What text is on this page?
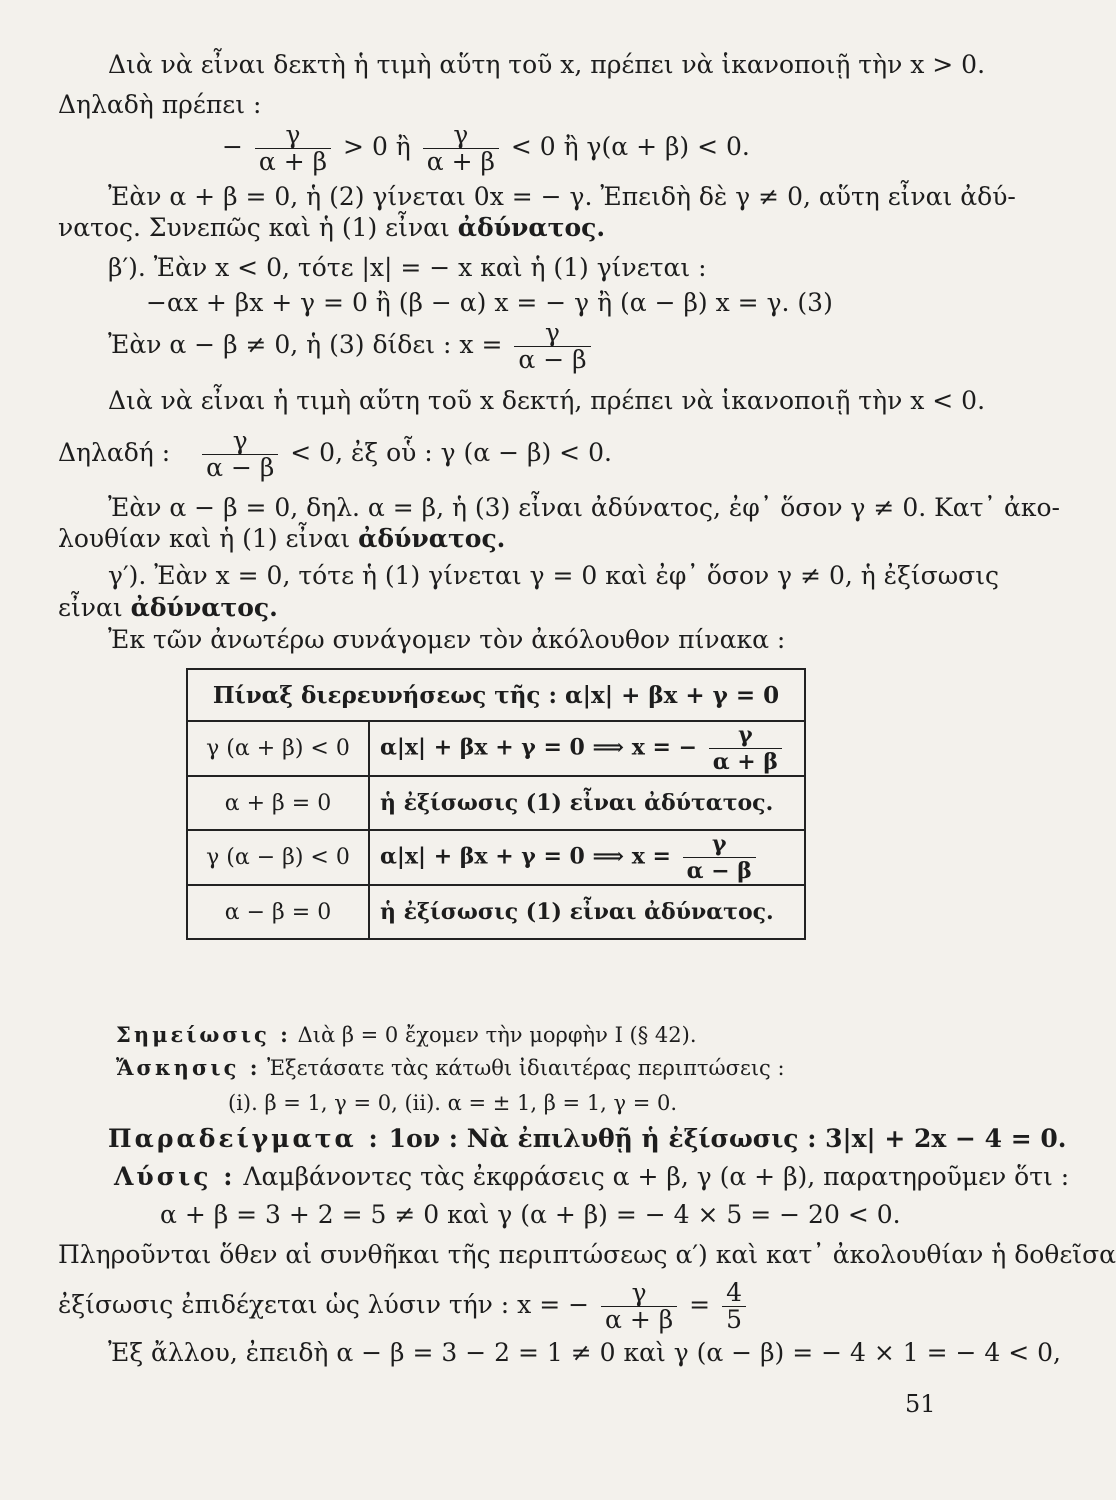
Διὰ νὰ εἶναι δεκτὴ ἡ τιμὴ αὕτη τοῦ x, πρέπει νὰ ἱκανοποιῇ τὴν x > 0.
Δηλαδὴ πρέπει :
− $\frac{\gamma}{\alpha + \beta} > 0$ ἢ $\frac{\gamma}{\alpha + \beta} < 0$ ἢ γ(α + β) < 0.
Ἐὰν α + β = 0, ἡ (2) γίνεται 0x = − γ. Ἐπειδὴ δὲ γ ≠ 0, αὕτη εἶναι ἀδύ-
νατος. Συνεπῶς καὶ ἡ (1) εἶναι ἀδύνατος.
β′). Ἐὰν x < 0, τότε |x| = − x καὶ ἡ (1) γίνεται :
−αx + βx + γ = 0 ἢ (β − α) x = − γ ἢ (α − β) x = γ. (3)
Ἐὰν α − β ≠ 0, ἡ (3) δίδει : $x = \frac{\gamma}{\alpha - \beta}$
Διὰ νὰ εἶναι ἡ τιμὴ αὕτη τοῦ x δεκτή, πρέπει νὰ ἱκανοποιῇ τὴν x < 0.
Δηλαδή : $\frac{\gamma}{\alpha - \beta} < 0$, ἐξ οὗ : γ (α − β) < 0.
Ἐὰν α − β = 0, δηλ. α = β, ἡ (3) εἶναι ἀδύνατος, ἐφ᾽ ὅσον γ ≠ 0. Κατ᾽ ἀκο-
λουθίαν καὶ ἡ (1) εἶναι ἀδύνατος.
γ′). Ἐὰν x = 0, τότε ἡ (1) γίνεται γ = 0 καὶ ἐφ᾽ ὅσον γ ≠ 0, ἡ ἐξίσωσις
εἶναι ἀδύνατος.
Ἐκ τῶν ἀνωτέρω συνάγομεν τὸν ἀκόλουθον πίνακα :
Πίναξ διερευνήσεως τῆς : α|x| + βx + γ = 0	
γ (α + β) < 0	α|x| + βx + γ = 0 ⟹ x = − $\frac{\gamma}{\alpha + \beta}$

α + β = 0	ἡ ἐξίσωσις (1) εἶναι ἀδύτατος.
γ (α − β) < 0	α|x| + βx + γ = 0 ⟹ $x = \frac{\gamma}{\alpha - \beta}$

α − β = 0	ἡ ἐξίσωσις (1) εἶναι ἀδύνατος.
Σημείωσις : Διὰ β = 0 ἔχομεν τὴν μορφὴν I (§ 42).
Ἄσκησις : Ἐξετάσατε τὰς κάτωθι ἰδιαιτέρας περιπτώσεις :
(i). β = 1, γ = 0, (ii). α = ± 1, β = 1, γ = 0.
Παραδείγματα : 1ον : Νὰ ἐπιλυθῇ ἡ ἐξίσωσις : 3|x| + 2x − 4 = 0.
Λύσις : Λαμβάνοντες τὰς ἐκφράσεις α + β, γ (α + β), παρατηροῦμεν ὅτι :
α + β = 3 + 2 = 5 ≠ 0 καὶ γ (α + β) = − 4 × 5 = − 20 < 0.
Πληροῦνται ὅθεν αἱ συνθῆκαι τῆς περιπτώσεως α′) καὶ κατ᾽ ἀκολουθίαν ἡ δοθεῖσα
ἐξίσωσις ἐπιδέχεται ὡς λύσιν τήν : x = − $\frac{\gamma}{\alpha + \beta} = \frac{4}{5}$
Ἐξ ἄλλου, ἐπειδὴ α − β = 3 − 2 = 1 ≠ 0 καὶ γ (α − β) = − 4 × 1 = − 4 < 0,
51
